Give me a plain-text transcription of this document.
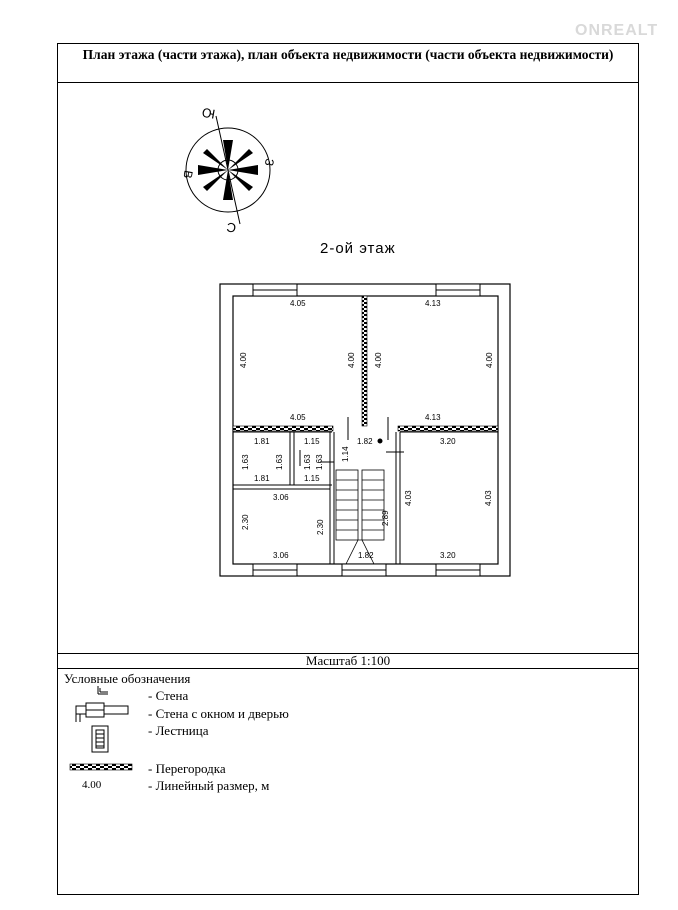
ONREALT
План этажа (части этажа), план объекта недвижимости (части объекта недвижимости)
Ю
З
С
В
2-ой этаж
4.05	4.13
4.00	4.00 4.00	4.00
4.05	4.13
1.81
1.81
1.63	1.63
1.15
1.15
1.63 1.63
1.82
1.14
2.89
1.82
3.06
3.06
2.30	2.30
3.20
3.20
4.03	4.03
Масштаб 1:100
Условные обозначения
- Стена
- Стена с окном и дверью
- Лестница
- Перегородка
- Линейный размер, м
4.00
